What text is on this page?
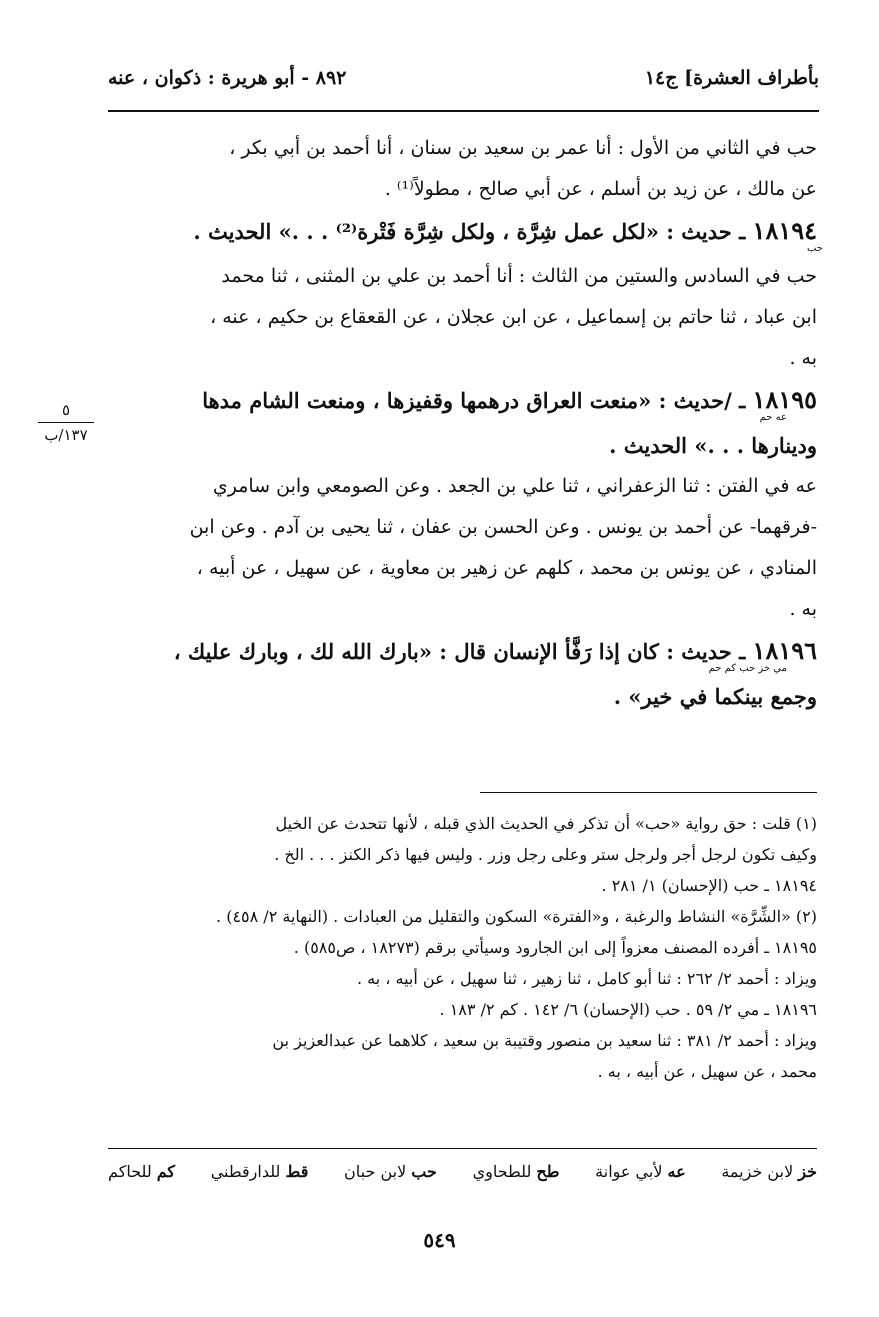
بأطراف العشرة] ج١٤
٨٩٢ - أبو هريرة : ذكوان ، عنه

حب في الثاني من الأول : أنا عمر بن سعيد بن سنان ، أنا أحمد بن أبي بكر ،

عن مالك ، عن زيد بن أسلم ، عن أبي صالح ، مطولاً⁽¹⁾ .

١٨١٩٤ ـ حديث : «لكل عمل شِرَّة ، ولكل شِرَّة فَتْرة⁽²⁾ . . .» الحديث .

حب

حب في السادس والستين من الثالث : أنا أحمد بن علي بن المثنى ، ثنا محمد

ابن عباد ، ثنا حاتم بن إسماعيل ، عن ابن عجلان ، عن القعقاع بن حكيم ، عنه ،

به .

١٨١٩٥ ـ /حديث : «منعت العراق درهمها وقفيزها ، ومنعت الشام مدها

عه حم

ودينارها . . .» الحديث .

عه في الفتن : ثنا الزعفراني ، ثنا علي بن الجعد . وعن الصومعي وابن سامري

-فرقهما- عن أحمد بن يونس . وعن الحسن بن عفان ، ثنا يحيى بن آدم . وعن ابن

المنادي ، عن يونس بن محمد ، كلهم عن زهير بن معاوية ، عن سهيل ، عن أبيه ،

به .

١٨١٩٦ ـ حديث : كان إذا رَفَّأ الإنسان قال : «بارك الله لك ، وبارك عليك ،

مي خز حب كم حم

وجمع بينكما في خير» .

٥
١٣٧/ب

(١) قلت : حق رواية «حب» أن تذكر في الحديث الذي قبله ، لأنها تتحدث عن الخيل

وكيف تكون لرجل أجر ولرجل ستر وعلى رجل وزر . وليس فيها ذكر الكنز . . . الخ .

١٨١٩٤ ـ حب (الإحسان) ١/ ٢٨١ .

(٢) «الشِّرَّة» النشاط والرغبة ، و«الفترة» السكون والتقليل من العبادات . (النهاية ٢/ ٤٥٨) .

١٨١٩٥ ـ أفرده المصنف معزواً إلى ابن الجارود وسيأتي برقم (١٨٢٧٣ ، ص٥٨٥) .

ويزاد : أحمد ٢/ ٢٦٢ : ثنا أبو كامل ، ثنا زهير ، ثنا سهيل ، عن أبيه ، به .

١٨١٩٦ ـ مي ٢/ ٥٩ . حب (الإحسان) ٦/ ١٤٢ . كم ٢/ ١٨٣ .

ويزاد : أحمد ٢/ ٣٨١ : ثنا سعيد بن منصور وقتيبة بن سعيد ، كلاهما عن عبدالعزيز بن

محمد ، عن سهيل ، عن أبيه ، به .

خز لابن خزيمة
عه لأبي عوانة
طح للطحاوي
حب لابن حبان
قط للدارقطني
كم للحاكم
٥٤٩
